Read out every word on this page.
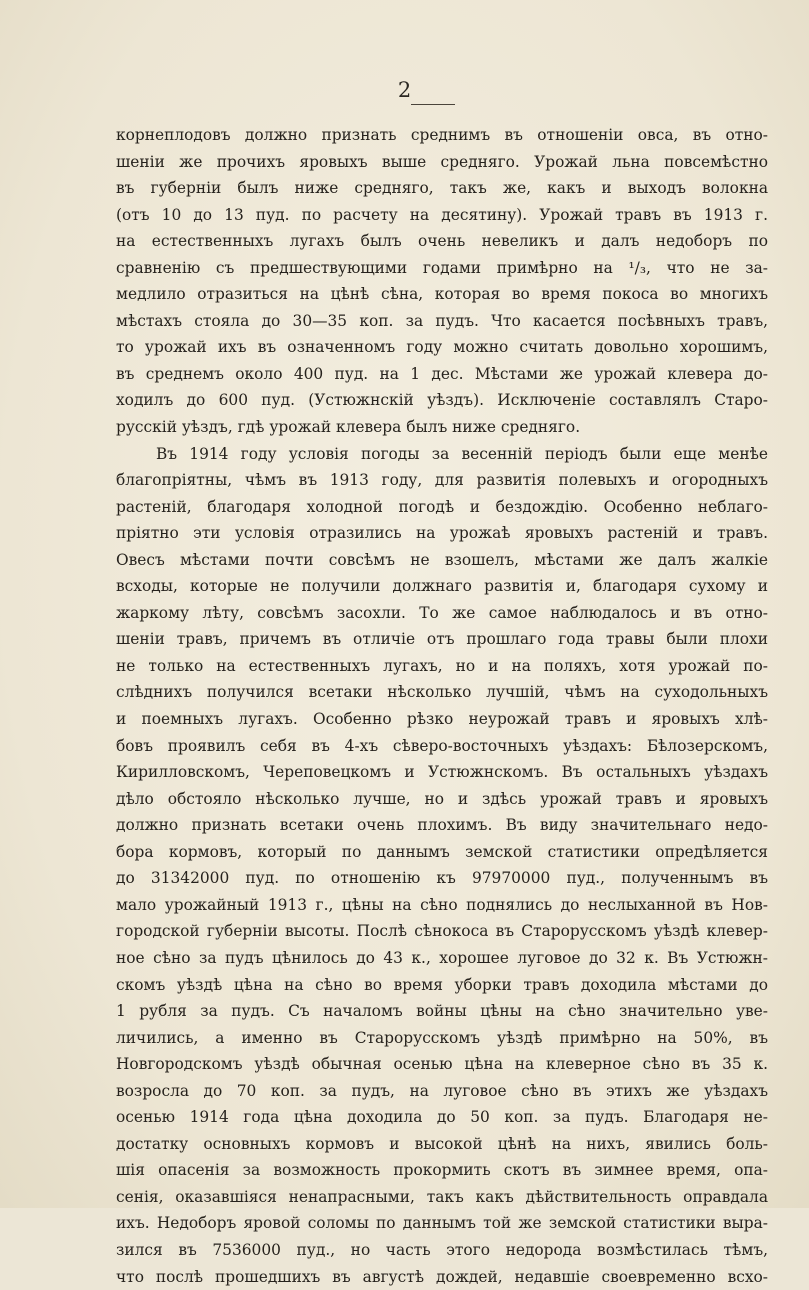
2
корнеплодовъ должно признать среднимъ въ отношенiи овса, въ отно-
шенiи же прочихъ яровыхъ выше средняго. Урожай льна повсемѣстно
въ губернiи былъ ниже средняго, такъ же, какъ и выходъ волокна
(отъ 10 до 13 пуд. по расчету на десятину). Урожай травъ въ 1913 г.
на естественныхъ лугахъ былъ очень невеликъ и далъ недоборъ по
сравненiю съ предшествующими годами примѣрно на ¹/₃, что не за-
медлило отразиться на цѣнѣ сѣна, которая во время покоса во многихъ
мѣстахъ стояла до 30—35 коп. за пудъ. Что касается посѣвныхъ травъ,
то урожай ихъ въ означенномъ году можно считать довольно хорошимъ,
въ среднемъ около 400 пуд. на 1 дес. Мѣстами же урожай клевера до-
ходилъ до 600 пуд. (Устюжнскiй уѣздъ). Исключенiе составлялъ Старо-
русскiй уѣздъ, гдѣ урожай клевера былъ ниже средняго.
Въ 1914 году условiя погоды за весеннiй перiодъ были еще менѣе
благопрiятны, чѣмъ въ 1913 году, для развитiя полевыхъ и огородныхъ
растенiй, благодаря холодной погодѣ и бездождiю. Особенно неблаго-
прiятно эти условiя отразились на урожаѣ яровыхъ растенiй и травъ.
Овесъ мѣстами почти совсѣмъ не взошелъ, мѣстами же далъ жалкiе
всходы, которые не получили должнаго развитiя и, благодаря сухому и
жаркому лѣту, совсѣмъ засохли. То же самое наблюдалось и въ отно-
шенiи травъ, причемъ въ отличiе отъ прошлаго года травы были плохи
не только на естественныхъ лугахъ, но и на поляхъ, хотя урожай по-
слѣднихъ получился всетаки нѣсколько лучшiй, чѣмъ на суходольныхъ
и поемныхъ лугахъ. Особенно рѣзко неурожай травъ и яровыхъ хлѣ-
бовъ проявилъ себя въ 4-хъ сѣверо-восточныхъ уѣздахъ: Бѣлозерскомъ,
Кирилловскомъ, Череповецкомъ и Устюжнскомъ. Въ остальныхъ уѣздахъ
дѣло обстояло нѣсколько лучше, но и здѣсь урожай травъ и яровыхъ
должно признать всетаки очень плохимъ. Въ виду значительнаго недо-
бора кормовъ, который по даннымъ земской статистики опредѣляется
до 31342000 пуд. по отношенiю къ 97970000 пуд., полученнымъ въ
мало урожайный 1913 г., цѣны на сѣно поднялись до неслыханной въ Нов-
городской губернiи высоты. Послѣ сѣнокоса въ Старорусскомъ уѣздѣ клевер-
ное сѣно за пудъ цѣнилось до 43 к., хорошее луговое до 32 к. Въ Устюжн-
скомъ уѣздѣ цѣна на сѣно во время уборки травъ доходила мѣстами до
1 рубля за пудъ. Съ началомъ войны цѣны на сѣно значительно уве-
личились, а именно въ Старорусскомъ уѣздѣ примѣрно на 50%, въ
Новгородскомъ уѣздѣ обычная осенью цѣна на клеверное сѣно въ 35 к.
возросла до 70 коп. за пудъ, на луговое сѣно въ этихъ же уѣздахъ
осенью 1914 года цѣна доходила до 50 коп. за пудъ. Благодаря не-
достатку основныхъ кормовъ и высокой цѣнѣ на нихъ, явились боль-
шiя опасенiя за возможность прокормить скотъ въ зимнее время, опа-
сенiя, оказавшiяся ненапрасными, такъ какъ дѣйствительность оправдала
ихъ. Недоборъ яровой соломы по даннымъ той же земской статистики выра-
зился въ 7536000 пуд., но часть этого недорода возмѣстилась тѣмъ,
что послѣ прошедшихъ въ августѣ дождей, недавшiе своевременно всхо-
